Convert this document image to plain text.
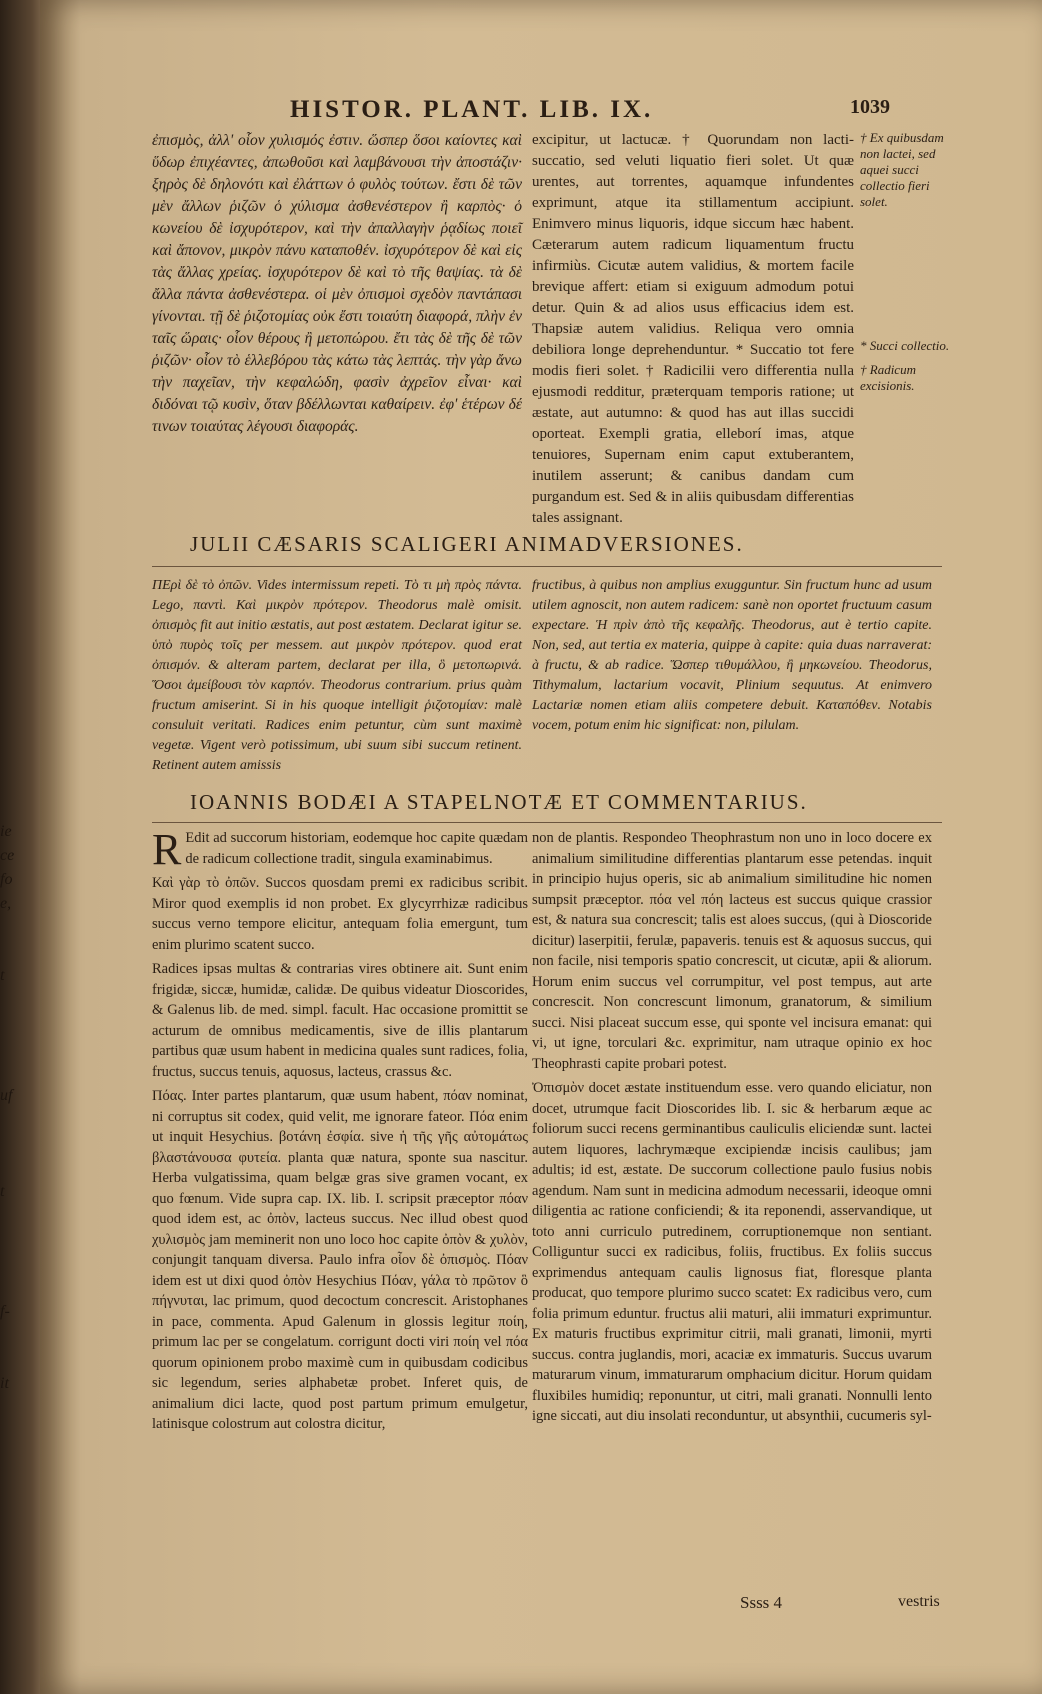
ie
ce
fo
e,

t

uf

t

f-

it
HISTOR. PLANT. LIB. IX.	1039

ἐπισμὸς, ἀλλ' οἷον χυλισμός ἐστιν. ὥσπερ ὅσοι καίοντες καὶ ὕδωρ ἐπιχέαντες, ἀπωθοῦσι καὶ λαμβάνουσι τὴν ἀποστάζιν· ξηρὸς δὲ δηλονότι καὶ ἐλάττων ὁ φυλὸς τούτων. ἔστι δὲ τῶν μὲν ἄλλων ῥιζῶν ὁ χύλισμα ἀσθενέστερον ἢ καρπὸς· ὁ κωνείου δὲ ἰσχυρότερον, καὶ τὴν ἀπαλλαγὴν ῥᾳδίως ποιεῖ καὶ ἄπονον, μικρὸν πάνυ καταποθέν. ἰσχυρότερον δὲ καὶ εἰς τὰς ἄλλας χρείας. ἰσχυρότερον δὲ καὶ τὸ τῆς θαψίας. τὰ δὲ ἄλλα πάντα ἀσθενέστερα. οἱ μὲν ὀπισμοὶ σχεδὸν παντάπασι γίνονται. τῇ δὲ ῥιζοτομίας οὐκ ἔστι τοιαύτη διαφορά, πλὴν ἐν ταῖς ὥραις· οἷον θέρους ἢ μετοπώρου. ἔτι τὰς δὲ τῆς δὲ τῶν ῥιζῶν· οἷον τὸ ἑλλεβόρου τὰς κάτω τὰς λεπτάς. τὴν γὰρ ἄνω τὴν παχεῖαν, τὴν κεφαλώδη, φασὶν ἀχρεῖον εἶναι· καὶ διδόναι τῷ κυσὶν, ὅταν βδέλλωνται καθαίρειν. ἐφ' ἑτέρων δέ τινων τοιαύτας λέγουσι διαφοράς.

excipitur, ut lactucæ. † Quorundam non lacti-succatio, sed veluti liquatio fieri solet. Ut quæ urentes, aut torrentes, aquamque infundentes exprimunt, atque ita stillamentum accipiunt. Enimvero minus liquoris, idque siccum hæc habent. Cæterarum autem radicum liquamentum fructu infirmiùs. Cicutæ autem validius, & mortem facile brevique affert: etiam si exiguum admodum potui detur. Quin & ad alios usus efficacius idem est. Thapsiæ autem validius. Reliqua vero omnia debiliora longe deprehenduntur. * Succatio tot fere modis fieri solet. † Radicilii vero differentia nulla ejusmodi redditur, præterquam temporis ratione; ut æstate, aut autumno: & quod has aut illas succidi oporteat. Exempli gratia, elleborí imas, atque tenuiores, Supernam enim caput extuberantem, inutilem asserunt; & canibus dandam cum purgandum est. Sed & in aliis quibusdam differentias tales assignant.

† Ex quibusdam non lactei, sed aquei succi collectio fieri solet.
* Succi collectio.
† Radicum excisionis.
JULII CÆSARIS SCALIGERI ANIMADVERSIONES.

ΠΕρὶ δὲ τὸ ὀπῶν. Vides intermissum repeti. Τὸ τι μὴ πρὸς πάντα. Lego, παντὶ. Καὶ μικρὸν πρότερον. Theodorus malè omisit. ὀπισμὸς fit aut initio æstatis, aut post æstatem. Declarat igitur se. ὑπὸ πυρὸς τοῖς per messem. aut μικρὸν πρότερον. quod erat ὀπισμόν. & alteram partem, declarat per illa, ὃ μετοπωρινά. Ὅσοι ἀμείβουσι τὸν καρπόν. Theodorus contrarium. prius quàm fructum amiserint. Si in his quoque intelligit ῥιζοτομίαν: malè consuluit veritati. Radices enim petuntur, cùm sunt maximè vegetæ. Vigent verò potissimum, ubi suum sibi succum retinent. Retinent autem amissis

fructibus, à quibus non amplius exugguntur. Sin fructum hunc ad usum utilem agnoscit, non autem radicem: sanè non oportet fructuum casum expectare. Ἡ πρὶν ἀπὸ τῆς κεφαλῆς. Theodorus, aut è tertio capite. Non, sed, aut tertia ex materia, quippe à capite: quia duas narraverat: à fructu, & ab radice. Ὥσπερ τιθυμάλλου, ἢ μηκωνείου. Theodorus, Tithymalum, lactarium vocavit, Plinium sequutus. At enimvero Lactariæ nomen etiam aliis competere debuit. Καταπόθεν. Notabis vocem, potum enim hic significat: non, pilulam.

IOANNIS BODÆI A STAPELNOTÆ ET COMMENTARIUS.

R Edit ad succorum historiam, eodemque hoc capite quædam de radicum collectione tradit, singula examinabimus.

Καὶ γὰρ τὸ ὀπῶν. Succos quosdam premi ex radicibus scribit. Miror quod exemplis id non probet. Ex glycyrrhizæ radicibus succus verno tempore elicitur, antequam folia emergunt, tum enim plurimo scatent succo.

Radices ipsas multas & contrarias vires obtinere ait. Sunt enim frigidæ, siccæ, humidæ, calidæ. De quibus videatur Dioscorides, & Galenus lib. de med. simpl. facult. Hac occasione promittit se acturum de omnibus medicamentis, sive de illis plantarum partibus quæ usum habent in medicina quales sunt radices, folia, fructus, succus tenuis, aquosus, lacteus, crassus &c.

Πόας. Inter partes plantarum, quæ usum habent, πόαν nominat, ni corruptus sit codex, quid velit, me ignorare fateor. Πόα enim ut inquit Hesychius. βοτάνη ἐσφία. sive ἡ τῆς γῆς αὐτομάτως βλαστάνουσα φυτεία. planta quæ natura, sponte sua nascitur. Herba vulgatissima, quam belgæ gras sive gramen vocant, ex quo fœnum. Vide supra cap. IX. lib. I. scripsit præceptor πόαν quod idem est, ac ὀπὸν, lacteus succus. Nec illud obest quod χυλισμὸς jam meminerit non uno loco hoc capite ὀπὸν & χυλὸν, conjungit tanquam diversa. Paulo infra οἷον δὲ ὀπισμὸς. Πόαν idem est ut dixi quod ὀπὸν Hesychius Πόαν, γάλα τὸ πρῶτον ὃ πήγνυται, lac primum, quod decoctum concrescit. Aristophanes in pace, commenta. Apud Galenum in glossis legitur ποίη, primum lac per se congelatum. corrigunt docti viri ποίη vel πόα quorum opinionem probo maximè cum in quibusdam codicibus sic legendum, series alphabetæ probet. Inferet quis, de animalium dici lacte, quod post partum primum emulgetur, latinisque colostrum aut colostra dicitur,

non de plantis. Respondeo Theophrastum non uno in loco docere ex animalium similitudine differentias plantarum esse petendas. inquit in principio hujus operis, sic ab animalium similitudine hic nomen sumpsit præceptor. πόα vel πόη lacteus est succus quique crassior est, & natura sua concrescit; talis est aloes succus, (qui à Dioscoride dicitur) laserpitii, ferulæ, papaveris. tenuis est & aquosus succus, qui non facile, nisi temporis spatio concrescit, ut cicutæ, apii & aliorum. Horum enim succus vel corrumpitur, vel post tempus, aut arte concrescit. Non concrescunt limonum, granatorum, & similium succi. Nisi placeat succum esse, qui sponte vel incisura emanat: qui vi, ut igne, torculari &c. exprimitur, nam utraque opinio ex hoc Theophrasti capite probari potest.

Ὀπισμὸν docet æstate instituendum esse. vero quando eliciatur, non docet, utrumque facit Dioscorides lib. I. sic & herbarum æque ac foliorum succi recens germinantibus cauliculis eliciendæ sunt. lactei autem liquores, lachrymæque excipiendæ incisis caulibus; jam adultis; id est, æstate. De succorum collectione paulo fusius nobis agendum. Nam sunt in medicina admodum necessarii, ideoque omni diligentia ac ratione conficiendi; & ita reponendi, asservandique, ut toto anni curriculo putredinem, corruptionemque non sentiant. Colliguntur succi ex radicibus, foliis, fructibus. Ex foliis succus exprimendus antequam caulis lignosus fiat, floresque planta producat, quo tempore plurimo succo scatet: Ex radicibus vero, cum folia primum eduntur. fructus alii maturi, alii immaturi exprimuntur. Ex maturis fructibus exprimitur citrii, mali granati, limonii, myrti succus. contra juglandis, mori, acaciæ ex immaturis. Succus uvarum maturarum vinum, immaturarum omphacium dicitur. Horum quidam fluxibiles humidiq; reponuntur, ut citri, mali granati. Nonnulli lento igne siccati, aut diu insolati reconduntur, ut absynthii, cucumeris syl-

Ssss 4	vestris
